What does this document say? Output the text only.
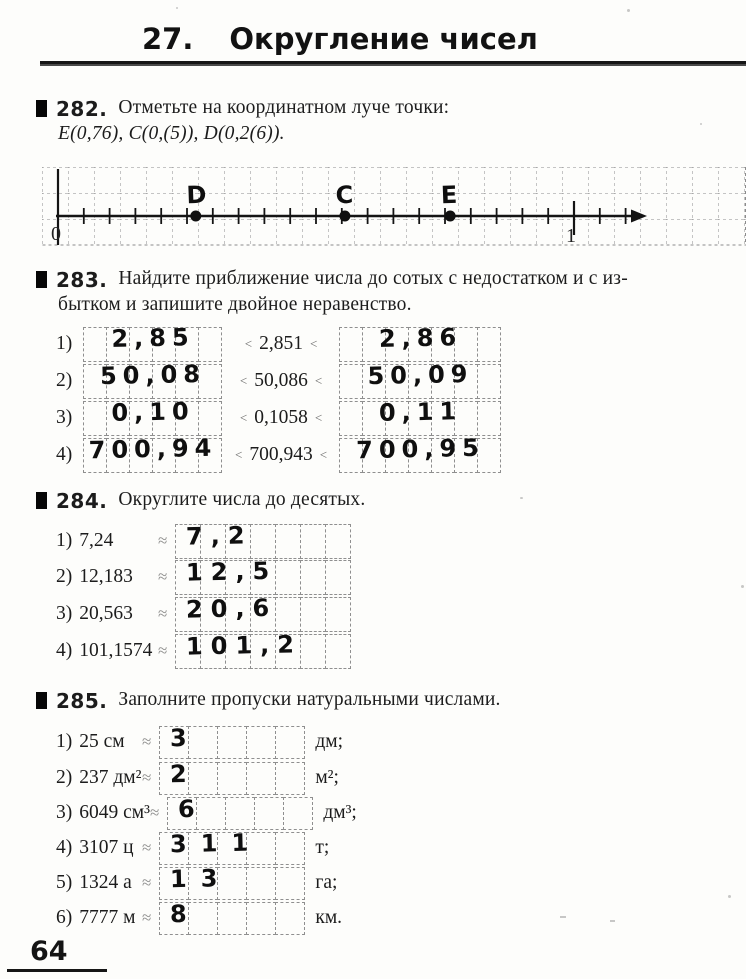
27. Округление чисел
282. Отметьте на координатном луче точки:
E(0,76), C(0,(5)), D(0,2(6)).
D	C	E
0	1
283. Найдите приближение числа до сотых с недостатком и с из-
бытком и запишите двойное неравенство.
1)	2,85	< 2,851 <	2,86
2)	50,08	< 50,086 <	50,09
3)	0,10	< 0,1058 <	0,11
4) 700,94	< 700,943 <	700,95
284. Округлите числа до десятых.
1) 7,24	≈ 7,2
2) 12,183 ≈ 12,5
3) 20,563 ≈ 20,6
4) 101,1574 ≈ 101,2
285. Заполните пропуски натуральными числами.
1) 25 см ≈ 3	дм;
2) 237 дм² ≈ 2	м²;
3) 6049 см³ ≈ 6	дм³;
4) 3107 ц ≈ 311	т;
5) 1324 а ≈ 13	га;
6) 7777 м ≈ 8	км.
64
